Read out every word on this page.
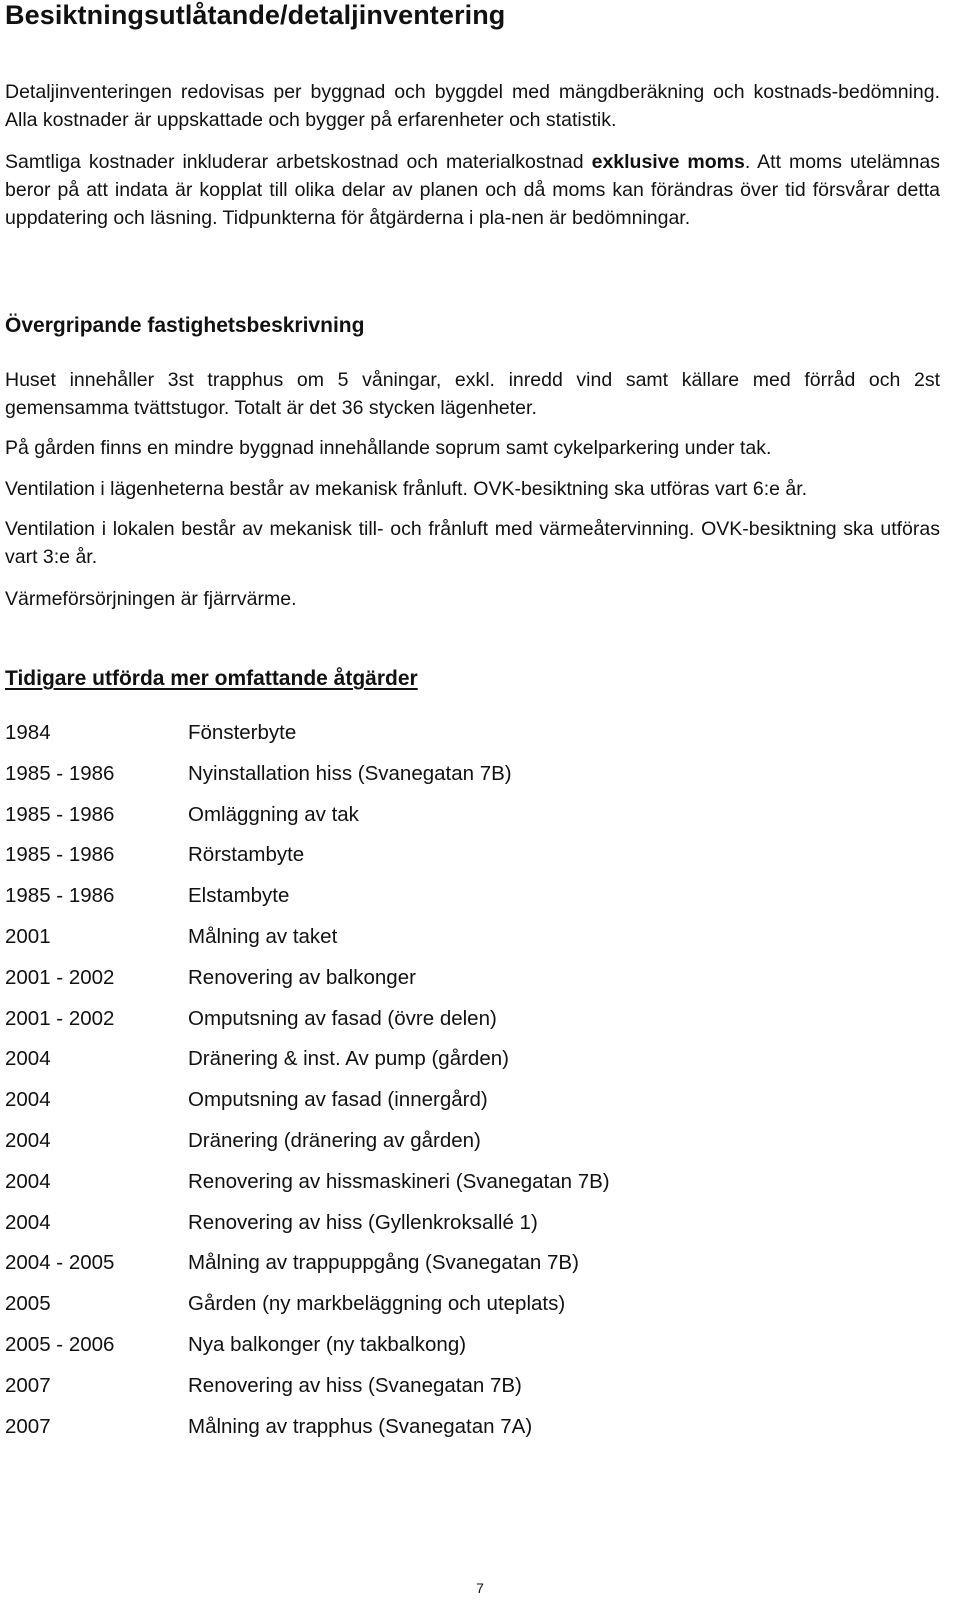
Besiktningsutlåtande/detaljinventering

Detaljinventeringen redovisas per byggnad och byggdel med mängdberäkning och kostnads-bedömning. Alla kostnader är uppskattade och bygger på erfarenheter och statistik.

Samtliga kostnader inkluderar arbetskostnad och materialkostnad exklusive moms. Att moms utelämnas beror på att indata är kopplat till olika delar av planen och då moms kan förändras över tid försvårar detta uppdatering och läsning. Tidpunkterna för åtgärderna i pla-nen är bedömningar.

Övergripande fastighetsbeskrivning

Huset innehåller 3st trapphus om 5 våningar, exkl. inredd vind samt källare med förråd och 2st gemensamma tvättstugor. Totalt är det 36 stycken lägenheter.

På gården finns en mindre byggnad innehållande soprum samt cykelparkering under tak.

Ventilation i lägenheterna består av mekanisk frånluft. OVK-besiktning ska utföras vart 6:e år.

Ventilation i lokalen består av mekanisk till- och frånluft med värmeåtervinning. OVK-besiktning ska utföras vart 3:e år.

Värmeförsörjningen är fjärrvärme.

Tidigare utförda mer omfattande åtgärder
1984	Fönsterbyte
1985 - 1986	Nyinstallation hiss (Svanegatan 7B)
1985 - 1986	Omläggning av tak
1985 - 1986	Rörstambyte
1985 - 1986	Elstambyte
2001	Målning av taket
2001 - 2002	Renovering av balkonger
2001 - 2002	Omputsning av fasad (övre delen)
2004	Dränering & inst. Av pump (gården)
2004	Omputsning av fasad (innergård)
2004	Dränering (dränering av gården)
2004	Renovering av hissmaskineri (Svanegatan 7B)
2004	Renovering av hiss (Gyllenkroksallé 1)
2004 - 2005	Målning av trappuppgång (Svanegatan 7B)
2005	Gården (ny markbeläggning och uteplats)
2005 - 2006	Nya balkonger (ny takbalkong)
2007	Renovering av hiss (Svanegatan 7B)
2007	Målning av trapphus (Svanegatan 7A)
7
